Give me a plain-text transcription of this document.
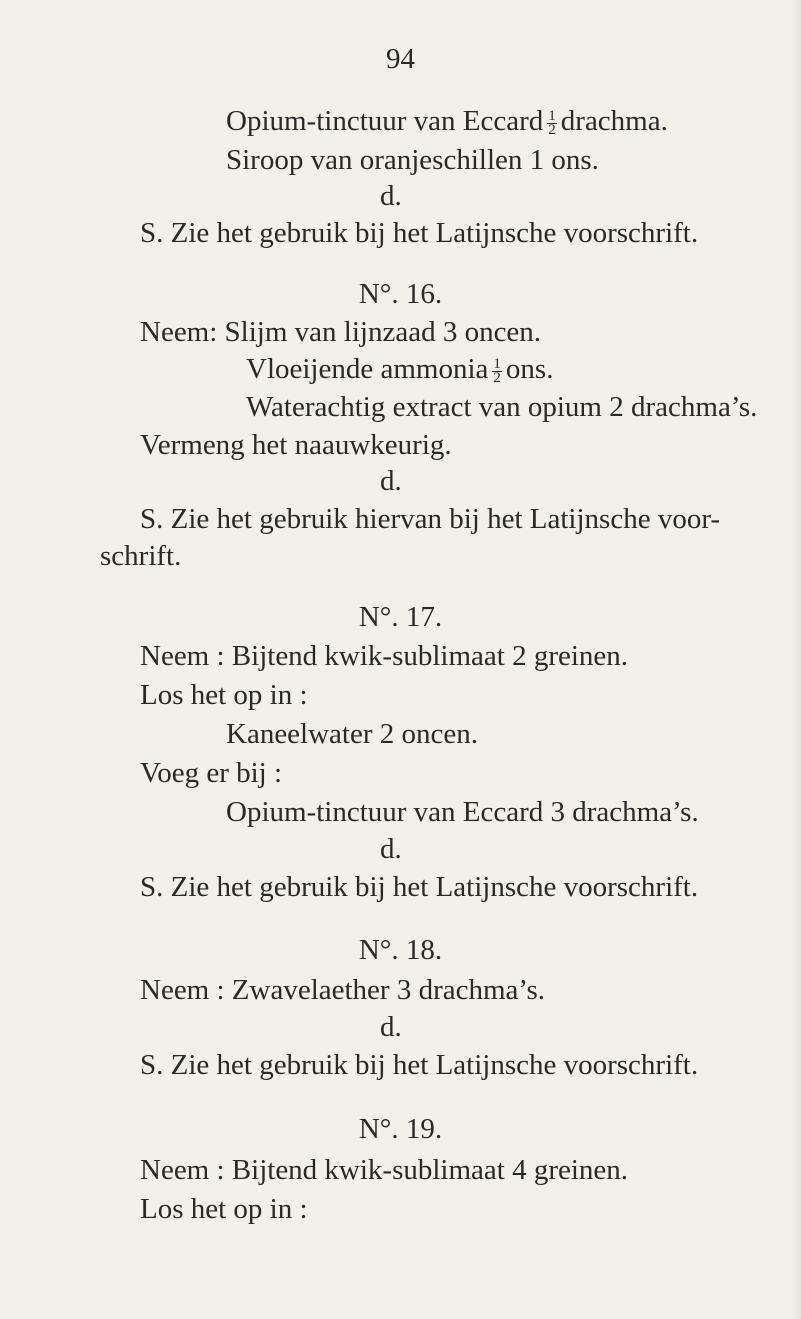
94
Opium-tinctuur van Eccard $\frac{1}{2}$ drachma.
Siroop van oranjeschillen 1 ons.
d.
S. Zie het gebruik bij het Latijnsche voorschrift.
N°. 16.
Neem: Slijm van lijnzaad 3 oncen.
Vloeijende ammonia $\frac{1}{2}$ ons.
Waterachtig extract van opium 2 drachma’s.
Vermeng het naauwkeurig.
d.
S. Zie het gebruik hiervan bij het Latijnsche voor-
schrift.
N°. 17.
Neem : Bijtend kwik-sublimaat 2 greinen.
Los het op in :
Kaneelwater 2 oncen.
Voeg er bij :
Opium-tinctuur van Eccard 3 drachma’s.
d.
S. Zie het gebruik bij het Latijnsche voorschrift.
N°. 18.
Neem : Zwavelaether 3 drachma’s.
d.
S. Zie het gebruik bij het Latijnsche voorschrift.
N°. 19.
Neem : Bijtend kwik-sublimaat 4 greinen.
Los het op in :
